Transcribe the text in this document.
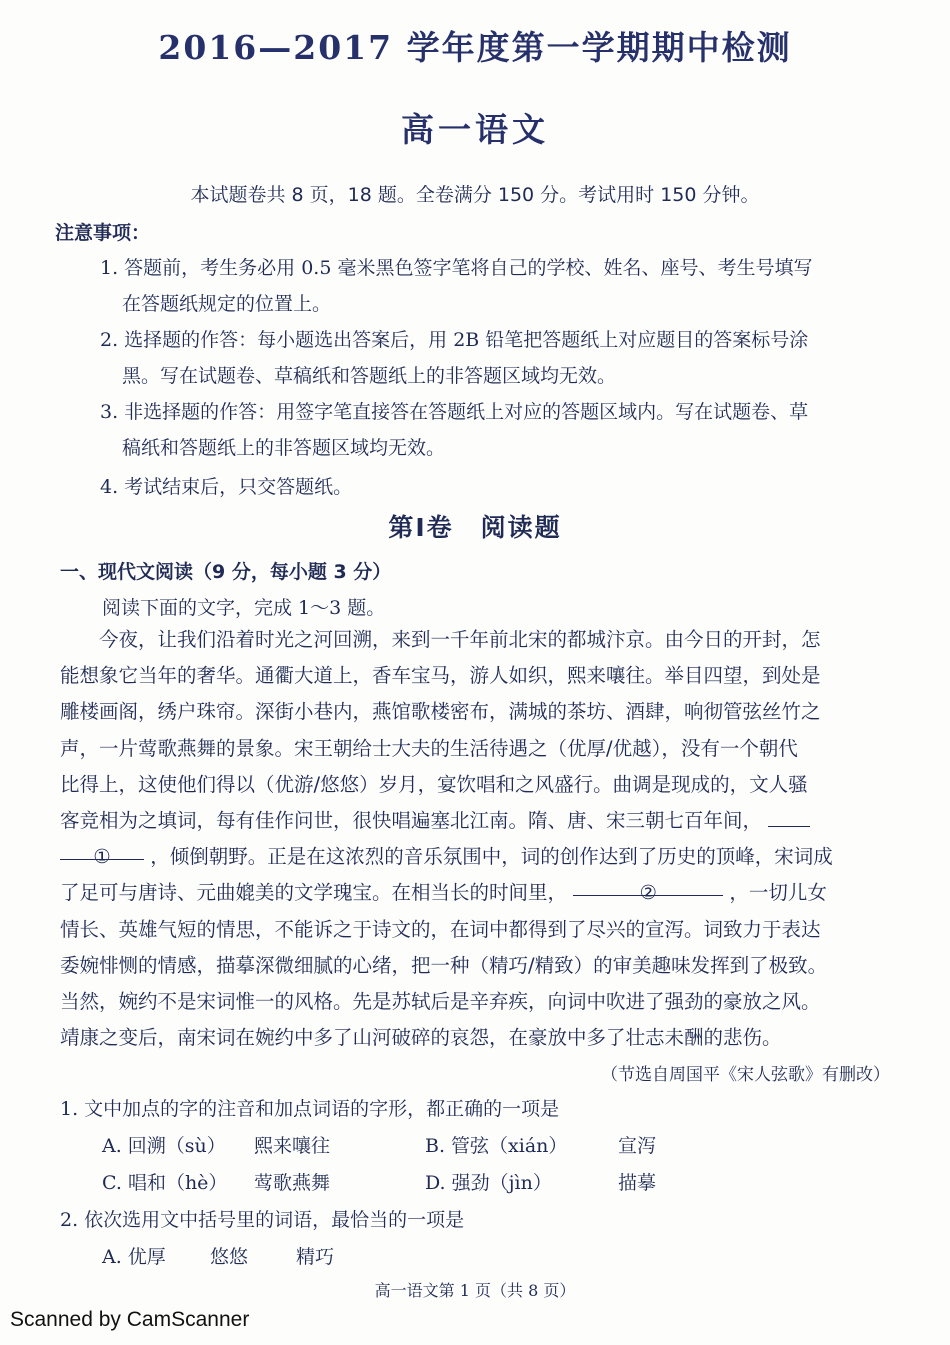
2016—2017 学年度第一学期期中检测
高一语文
本试题卷共 8 页，18 题。全卷满分 150 分。考试用时 150 分钟。
注意事项：
1. 答题前，考生务必用 0.5 毫米黑色签字笔将自己的学校、姓名、座号、考生号填写
在答题纸规定的位置上。
2. 选择题的作答：每小题选出答案后，用 2B 铅笔把答题纸上对应题目的答案标号涂
黑。写在试题卷、草稿纸和答题纸上的非答题区域均无效。
3. 非选择题的作答：用签字笔直接答在答题纸上对应的答题区域内。写在试题卷、草
稿纸和答题纸上的非答题区域均无效。
4. 考试结束后，只交答题纸。
第Ⅰ卷　阅读题
一、现代文阅读（9 分，每小题 3 分）
阅读下面的文字，完成 1～3 题。

　　今夜，让我们沿着时光之河回溯，来到一千年前北宋的都城汴京。由今日的开封，怎

能想象它当年的奢华。通衢大道上，香车宝马，游人如织，熙来嚷往。举目四望，到处是

雕楼画阁，绣户珠帘。深街小巷内，燕馆歌楼密布，满城的茶坊、酒肆，响彻管弦丝竹之

声，一片莺歌燕舞的景象。宋王朝给士大夫的生活待遇之（优厚/优越），没有一个朝代

比得上，这使他们得以（优游/悠悠）岁月，宴饮唱和之风盛行。曲调是现成的，文人骚

客竞相为之填词，每有佳作问世，很快唱遍塞北江南。隋、唐、宋三朝七百年间，

① ，倾倒朝野。正是在这浓烈的音乐氛围中，词的创作达到了历史的顶峰，宋词成

了足可与唐诗、元曲媲美的文学瑰宝。在相当长的时间里，	②	，一切儿女

情长、英雄气短的情思，不能诉之于诗文的，在词中都得到了尽兴的宣泻。词致力于表达

委婉悱恻的情感，描摹深微细腻的心绪，把一种（精巧/精致）的审美趣味发挥到了极致。

当然，婉约不是宋词惟一的风格。先是苏轼后是辛弃疾，向词中吹进了强劲的豪放之风。

靖康之变后，南宋词在婉约中多了山河破碎的哀怨，在豪放中多了壮志未酬的悲伤。

（节选自周国平《宋人弦歌》有删改）
1. 文中加点的字的注音和加点词语的字形，都正确的一项是
A. 回溯（sù） 熙来嚷往	B. 管弦（xián）	宣泻
C. 唱和（hè） 莺歌燕舞	D. 强劲（jìn）	描摹
2. 依次选用文中括号里的词语，最恰当的一项是
A. 优厚 悠悠	精巧
高一语文第 1 页（共 8 页）
Scanned by CamScanner
